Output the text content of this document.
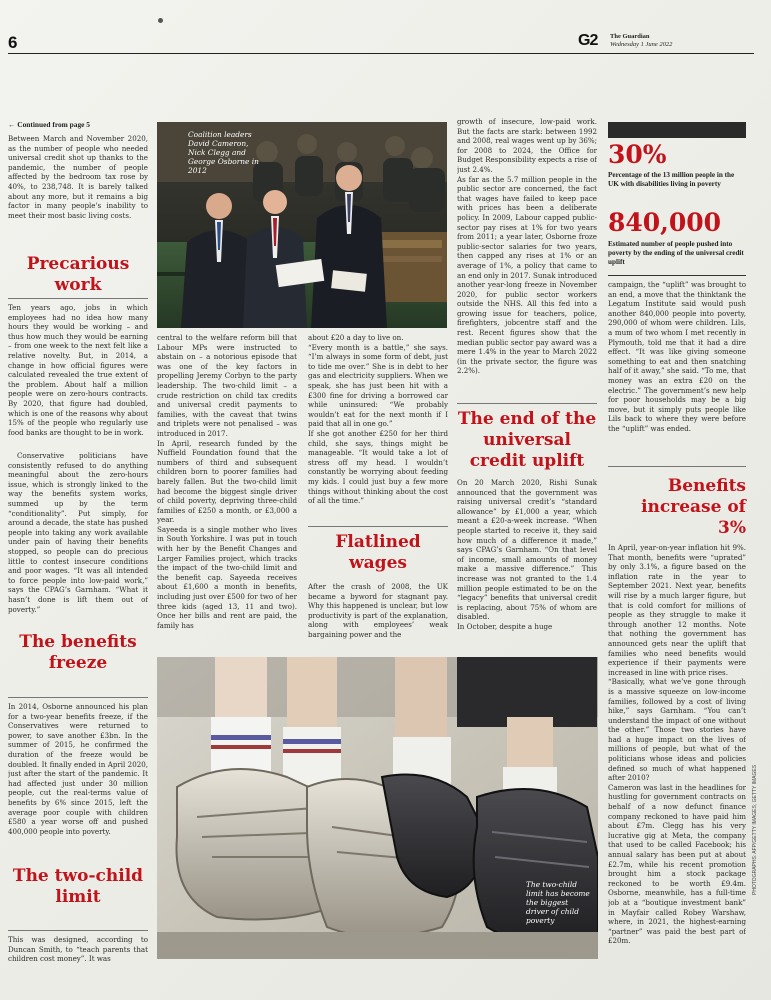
6	G2 The Guardian
Wednesday 1 June 2022
← Continued from page 5
Between March and November 2020, as the number of people who needed universal credit shot up thanks to the pandemic, the number of people affected by the bedroom tax rose by 40%, to 238,748. It is barely talked about any more, but it remains a big factor in many people's inability to meet their most basic living costs.
Precarious work
Ten years ago, jobs in which employees had no idea how many hours they would be working – and thus how much they would be earning – from one week to the next felt like a relative novelty. But, in 2014, a change in how official figures were calculated revealed the true extent of the problem. About half a million people were on zero-hours contracts. By 2020, that figure had doubled, which is one of the reasons why about 15% of the people who regularly use food banks are thought to be in work.
Conservative politicians have consistently refused to do anything meaningful about the zero-hours issue, which is strongly linked to the way the benefits system works, summed up by the term “conditionality”. Put simply, for around a decade, the state has pushed people into taking any work available under pain of having their benefits stopped, so people can do precious little to contest insecure conditions and poor wages. “It was all intended to force people into low-paid work,” says the CPAG’s Garnham. “What it hasn’t done is lift them out of poverty.”
The benefits freeze
In 2014, Osborne announced his plan for a two-year benefits freeze, if the Conservatives were returned to power, to save another £3bn. In the summer of 2015, he confirmed the duration of the freeze would be doubled. It finally ended in April 2020, just after the start of the pandemic. It had affected just under 30 million people, cut the real-terms value of benefits by 6% since 2015, left the average poor couple with children £580 a year worse off and pushed 400,000 people into poverty.
The two-child limit
This was designed, according to Duncan Smith, to “teach parents that children cost money”. It was
Coalition leaders David Cameron, Nick Clegg and George Osborne in 2012
central to the welfare reform bill that Labour MPs were instructed to abstain on – a notorious episode that was one of the key factors in propelling Jeremy Corbyn to the party leadership. The two-child limit – a crude restriction on child tax credits and universal credit payments to families, with the caveat that twins and triplets were not penalised – was introduced in 2017.
In April, research funded by the Nuffield Foundation found that the numbers of third and subsequent children born to poorer families had barely fallen. But the two-child limit had become the biggest single driver of child poverty, depriving three-child families of £250 a month, or £3,000 a year.
Sayeeda is a single mother who lives in South Yorkshire. I was put in touch with her by the Benefit Changes and Larger Families project, which tracks the impact of the two-child limit and the benefit cap. Sayeeda receives about £1,600 a month in benefits, including just over £500 for two of her three kids (aged 13, 11 and two). Once her bills and rent are paid, the family has
about £20 a day to live on.
“Every month is a battle,” she says. “I’m always in some form of debt, just to tide me over.” She is in debt to her gas and electricity suppliers. When we speak, she has just been hit with a £300 fine for driving a borrowed car while uninsured: “We probably wouldn’t eat for the next month if I paid that all in one go.”
If she got another £250 for her third child, she says, things might be manageable. “It would take a lot of stress off my head. I wouldn’t constantly be worrying about feeding my kids. I could just buy a few more things without thinking about the cost of all the time.”
Flatlined wages
After the crash of 2008, the UK became a byword for stagnant pay. Why this happened is unclear, but low productivity is part of the explanation, along with employees’ weak bargaining power and the
growth of insecure, low-paid work. But the facts are stark: between 1992 and 2008, real wages went up by 36%; for 2008 to 2024, the Office for Budget Responsibility expects a rise of just 2.4%.
As far as the 5.7 million people in the public sector are concerned, the fact that wages have failed to keep pace with prices has been a deliberate policy. In 2009, Labour capped public-sector pay rises at 1% for two years from 2011; a year later, Osborne froze public-sector salaries for two years, then capped any rises at 1% or an average of 1%, a policy that came to an end only in 2017. Sunak introduced another year-long freeze in November 2020, for public sector workers outside the NHS. All this fed into a growing issue for teachers, police, firefighters, jobcentre staff and the rest. Recent figures show that the median public sector pay award was a mere 1.4% in the year to March 2022 (in the private sector, the figure was 2.2%).
The end of the universal credit uplift
On 20 March 2020, Rishi Sunak announced that the government was raising universal credit’s “standard allowance” by £1,000 a year, which meant a £20-a-week increase. “When people started to receive it, they said how much of a difference it made,” says CPAG’s Garnham. “On that level of income, small amounts of money make a massive difference.” This increase was not granted to the 1.4 million people estimated to be on the “legacy” benefits that universal credit is replacing, about 75% of whom are disabled.
In October, despite a huge
30%
Percentage of the 13 million people in the UK with disabilities living in poverty
840,000
Estimated number of people pushed into poverty by the ending of the universal credit uplift
campaign, the “uplift” was brought to an end, a move that the thinktank the Legatum Institute said would push another 840,000 people into poverty, 290,000 of whom were children. Lils, a mum of two whom I met recently in Plymouth, told me that it had a dire effect. “It was like giving someone something to eat and then snatching half of it away,” she said. “To me, that money was an extra £20 on the electric.” The government’s new help for poor households may be a big move, but it simply puts people like Lils back to where they were before the “uplift” was ended.
Benefits increase of 3%
In April, year-on-year inflation hit 9%. That month, benefits were “uprated” by only 3.1%, a figure based on the inflation rate in the year to September 2021. Next year, benefits will rise by a much larger figure, but that is cold comfort for millions of people as they struggle to make it through another 12 months. Note that nothing the government has announced gets near the uplift that families who need benefits would experience if their payments were increased in line with price rises.
“Basically, what we’ve gone through is a massive squeeze on low-income families, followed by a cost of living hike,” says Garnham. “You can’t understand the impact of one without the other.” Those two stories have had a huge impact on the lives of millions of people, but what of the politicians whose ideas and policies defined so much of what happened after 2010?
Cameron was last in the headlines for hustling for government contracts on behalf of a now defunct finance company reckoned to have paid him about £7m. Clegg has his very lucrative gig at Meta, the company that used to be called Facebook; his annual salary has been put at about £2.7m, while his recent promotion brought him a stock package reckoned to be worth £9.4m. Osborne, meanwhile, has a full-time job at a “boutique investment bank” in Mayfair called Robey Warshaw, where, in 2021, the highest-earning “partner” was paid the best part of £20m.
The two-child limit has become the biggest driver of child poverty
PHOTOGRAPHS: AFP/GETTY IMAGES; GETTY IMAGES
